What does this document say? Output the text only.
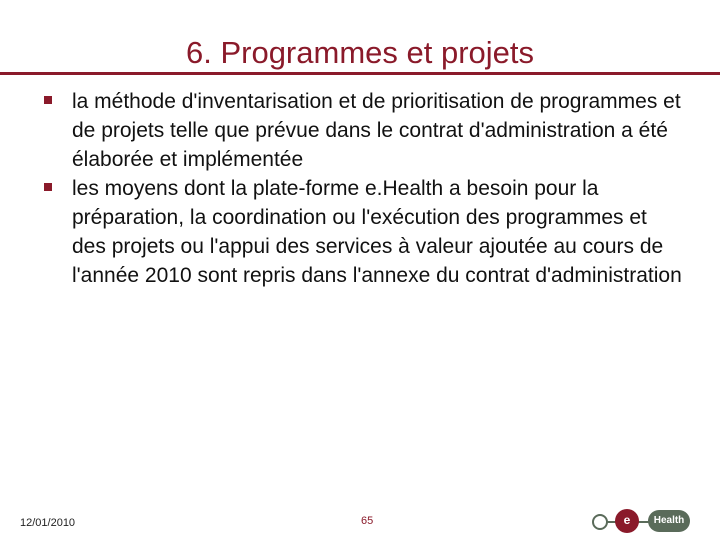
6. Programmes et projets
la méthode d'inventarisation et de prioritisation de programmes et de projets telle que prévue dans le contrat d'administration a été élaborée et implémentée
les moyens dont la plate-forme e.Health a besoin pour la préparation, la coordination ou l'exécution des programmes et des projets ou l'appui des services à valeur ajoutée au cours de l'année 2010 sont repris dans l'annexe du contrat d'administration
12/01/2010	65	e	Health
